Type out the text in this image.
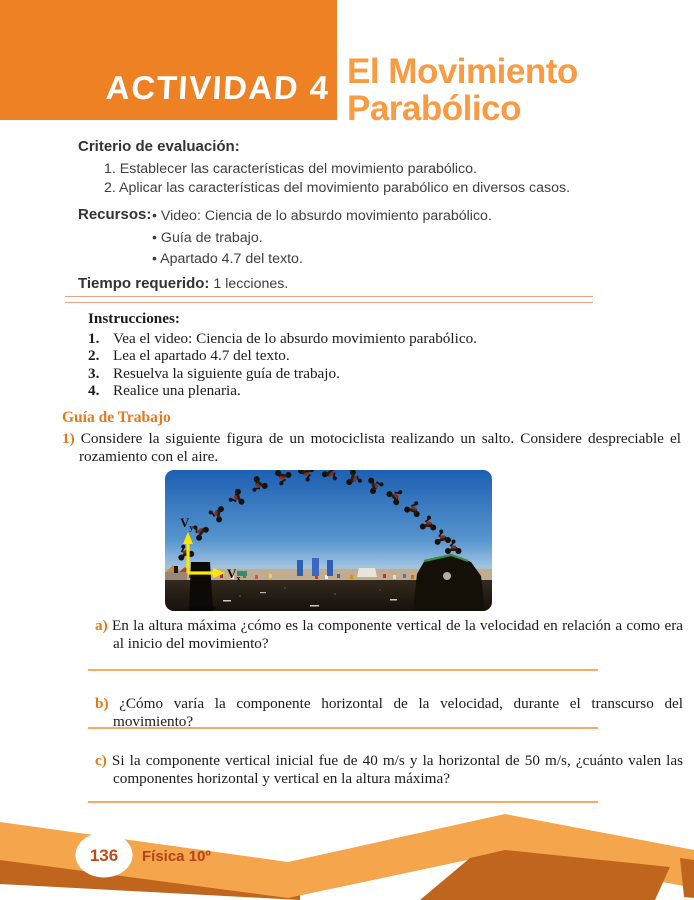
ACTIVIDAD 4 El Movimiento
Parabólico
Criterio de evaluación:
1. Establecer las características del movimiento parabólico.
2. Aplicar las características del movimiento parabólico en diversos casos.
Recursos: • Video: Ciencia de lo absurdo movimiento parabólico.
• Guía de trabajo.
• Apartado 4.7 del texto.
Tiempo requerido: 1 lecciones.
Instrucciones:
1. Vea el video: Ciencia de lo absurdo movimiento parabólico.
2. Lea el apartado 4.7 del texto.
3. Resuelva la siguiente guía de trabajo.
4. Realice una plenaria.
Guía de Trabajo
1) Considere la siguiente figura de un motociclista realizando un salto. Considere despreciable el rozamiento con el aire.
$V_y$
$V_x$
a) En la altura máxima ¿cómo es la componente vertical de la velocidad en relación a como era al inicio del movimiento?
b) ¿Cómo varía la componente horizontal de la velocidad, durante el transcurso del movimiento?
c) Si la componente vertical inicial fue de 40 m/s y la horizontal de 50 m/s, ¿cuánto valen las componentes horizontal y vertical en la altura máxima?
136 Física 10º
